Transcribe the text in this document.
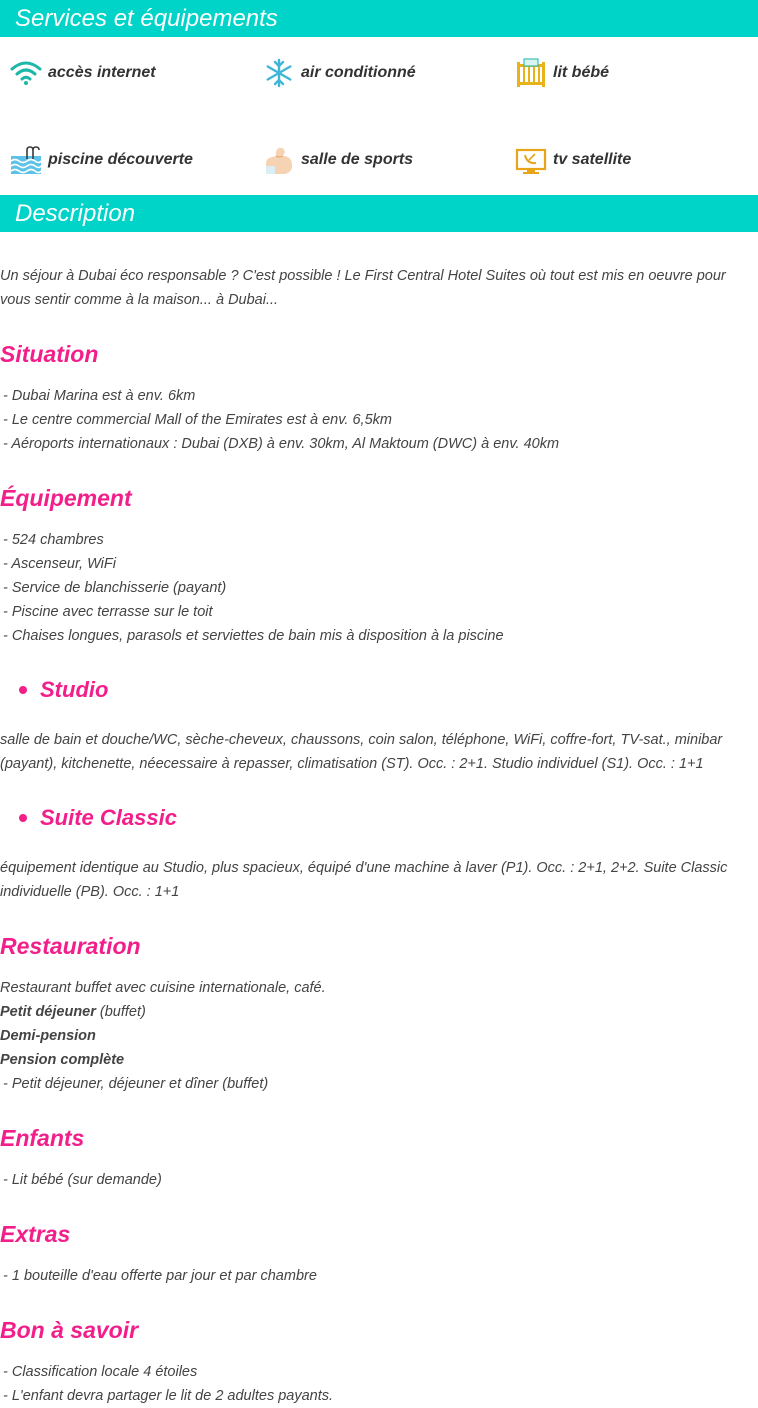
Services et équipements
accès internet	air conditionné	lit bébé
piscine découverte	salle de sports	tv satellite
Description

Un séjour à Dubai éco responsable ? C'est possible ! Le First Central Hotel Suites où tout est mis en oeuvre pour vous sentir comme à la maison... à Dubai...

Situation
- Dubai Marina est à env. 6km
- Le centre commercial Mall of the Emirates est à env. 6,5km
- Aéroports internationaux : Dubai (DXB) à env. 30km, Al Maktoum (DWC) à env. 40km
Équipement
- 524 chambres
- Ascenseur, WiFi
- Service de blanchisserie (payant)
- Piscine avec terrasse sur le toit
- Chaises longues, parasols et serviettes de bain mis à disposition à la piscine
Studio

salle de bain et douche/WC, sèche-cheveux, chaussons, coin salon, téléphone, WiFi, coffre-fort, TV-sat., minibar (payant), kitchenette, néecessaire à repasser, climatisation (ST). Occ. : 2+1. Studio individuel (S1). Occ. : 1+1

Suite Classic

équipement identique au Studio, plus spacieux, équipé d'une machine à laver (P1). Occ. : 2+1, 2+2. Suite Classic individuelle (PB). Occ. : 1+1

Restauration
Restaurant buffet avec cuisine internationale, café.
Petit déjeuner (buffet)
Demi-pension
Pension complète
- Petit déjeuner, déjeuner et dîner (buffet)
Enfants
- Lit bébé (sur demande)
Extras
- 1 bouteille d'eau offerte par jour et par chambre
Bon à savoir
- Classification locale 4 étoiles
- L'enfant devra partager le lit de 2 adultes payants.
